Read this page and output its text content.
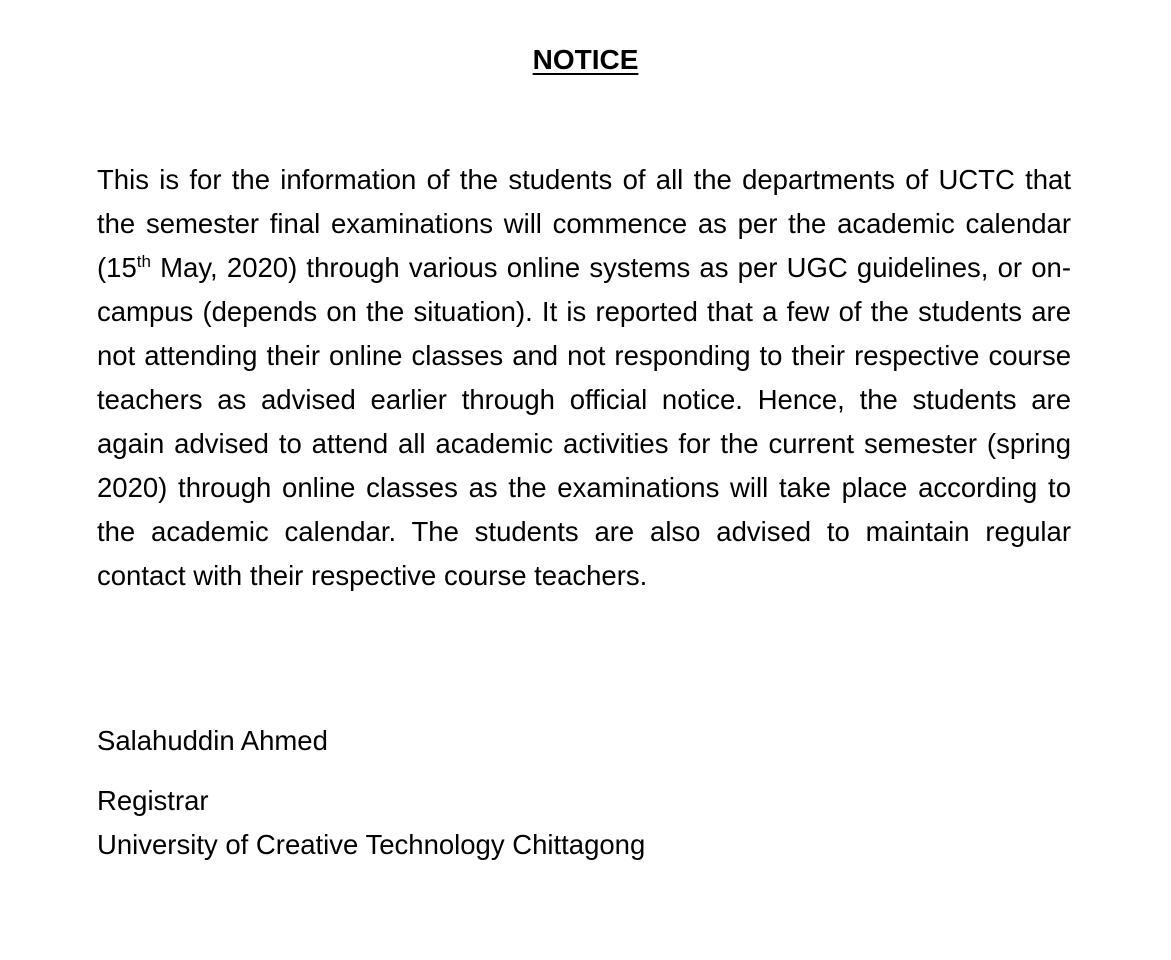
NOTICE

This is for the information of the students of all the departments of UCTC that the semester final examinations will commence as per the academic calendar (15th May, 2020) through various online systems as per UGC guidelines, or on-campus (depends on the situation). It is reported that a few of the students are not attending their online classes and not responding to their respective course teachers as advised earlier through official notice. Hence, the students are again advised to attend all academic activities for the current semester (spring 2020) through online classes as the examinations will take place according to the academic calendar. The students are also advised to maintain regular contact with their respective course teachers.

Salahuddin Ahmed
Registrar
University of Creative Technology Chittagong
